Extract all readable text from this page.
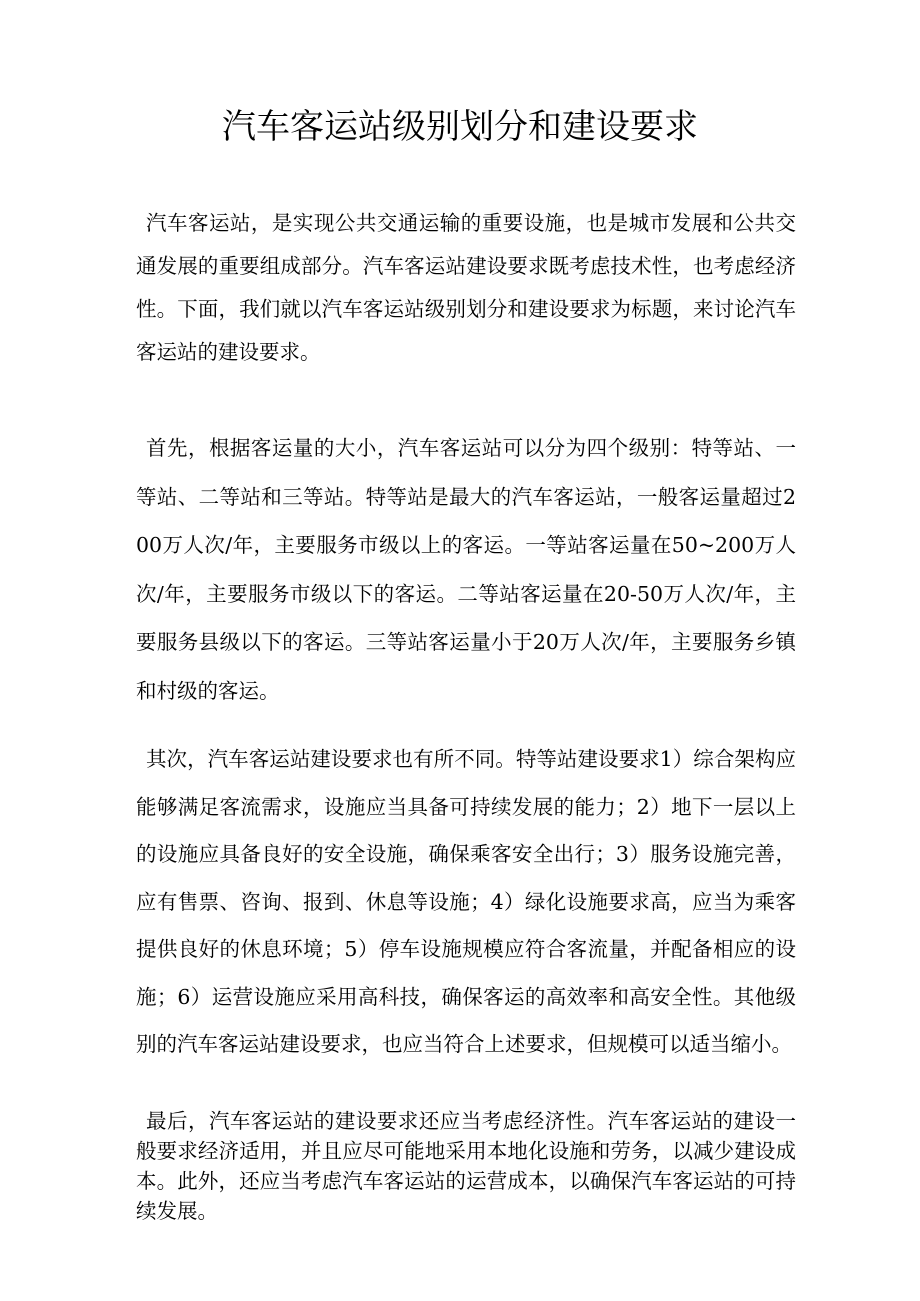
汽车客运站级别划分和建设要求

汽车客运站，是实现公共交通运输的重要设施，也是城市发展和公共交通发展的重要组成部分。汽车客运站建设要求既考虑技术性，也考虑经济性。下面，我们就以汽车客运站级别划分和建设要求为标题，来讨论汽车客运站的建设要求。

首先，根据客运量的大小，汽车客运站可以分为四个级别：特等站、一等站、二等站和三等站。特等站是最大的汽车客运站，一般客运量超过200万人次/年，主要服务市级以上的客运。一等站客运量在50~200万人次/年，主要服务市级以下的客运。二等站客运量在20-50万人次/年，主要服务县级以下的客运。三等站客运量小于20万人次/年，主要服务乡镇和村级的客运。

其次，汽车客运站建设要求也有所不同。特等站建设要求1）综合架构应能够满足客流需求，设施应当具备可持续发展的能力；2）地下一层以上的设施应具备良好的安全设施，确保乘客安全出行；3）服务设施完善，应有售票、咨询、报到、休息等设施；4）绿化设施要求高，应当为乘客提供良好的休息环境；5）停车设施规模应符合客流量，并配备相应的设施；6）运营设施应采用高科技，确保客运的高效率和高安全性。其他级别的汽车客运站建设要求，也应当符合上述要求，但规模可以适当缩小。

最后，汽车客运站的建设要求还应当考虑经济性。汽车客运站的建设一般要求经济适用，并且应尽可能地采用本地化设施和劳务，以减少建设成本。此外，还应当考虑汽车客运站的运营成本，以确保汽车客运站的可持续发展。
